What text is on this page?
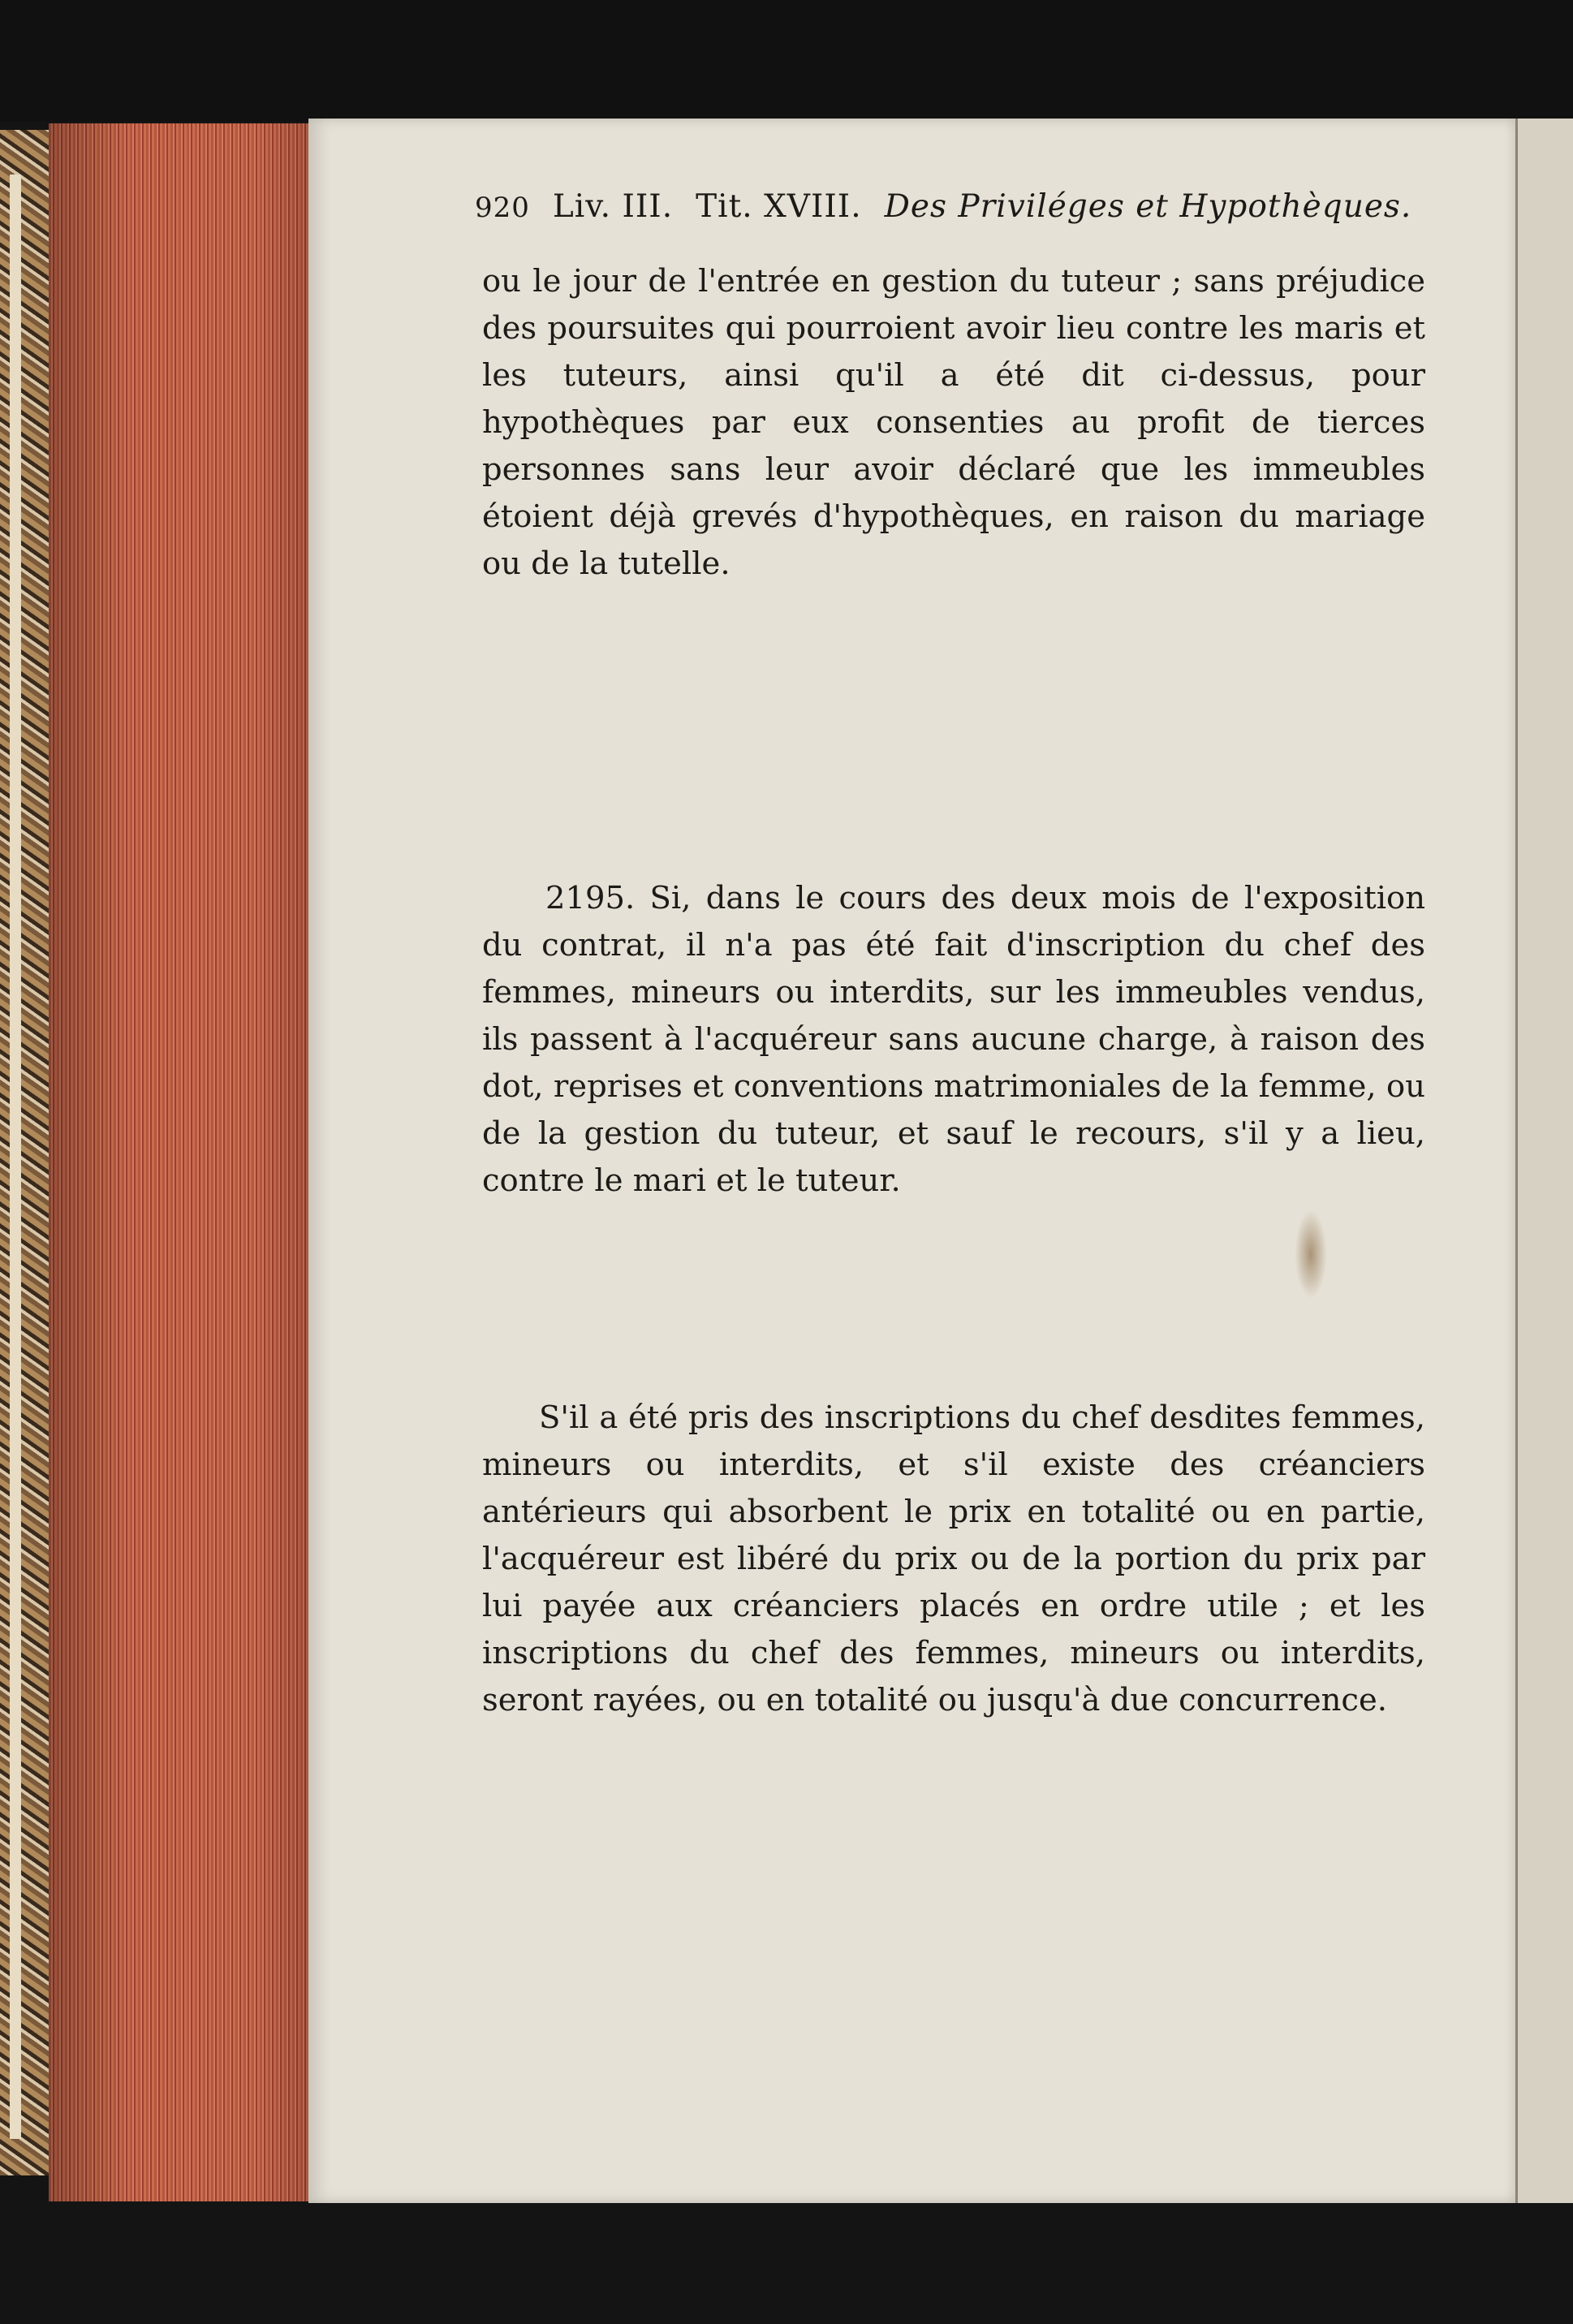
920 Liv. III. Tit. XVIII. Des Priviléges et Hypothèques.

ou le jour de l'entrée en gestion du tuteur ; sans préjudice des poursuites qui pourroient avoir lieu contre les maris et les tuteurs, ainsi qu'il a été dit ci-dessus, pour hypothèques par eux consenties au profit de tierces personnes sans leur avoir déclaré que les immeubles étoient déjà grevés d'hypothèques, en raison du mariage ou de la tutelle.

2195. Si, dans le cours des deux mois de l'exposition du contrat, il n'a pas été fait d'inscription du chef des femmes, mineurs ou interdits, sur les immeubles vendus, ils passent à l'acquéreur sans aucune charge, à raison des dot, reprises et conventions matrimoniales de la femme, ou de la gestion du tuteur, et sauf le recours, s'il y a lieu, contre le mari et le tuteur.

S'il a été pris des inscriptions du chef desdites femmes, mineurs ou interdits, et s'il existe des créanciers antérieurs qui absorbent le prix en totalité ou en partie, l'acquéreur est libéré du prix ou de la portion du prix par lui payée aux créanciers placés en ordre utile ; et les inscriptions du chef des femmes, mineurs ou interdits, seront rayées, ou en totalité ou jusqu'à due concurrence.
